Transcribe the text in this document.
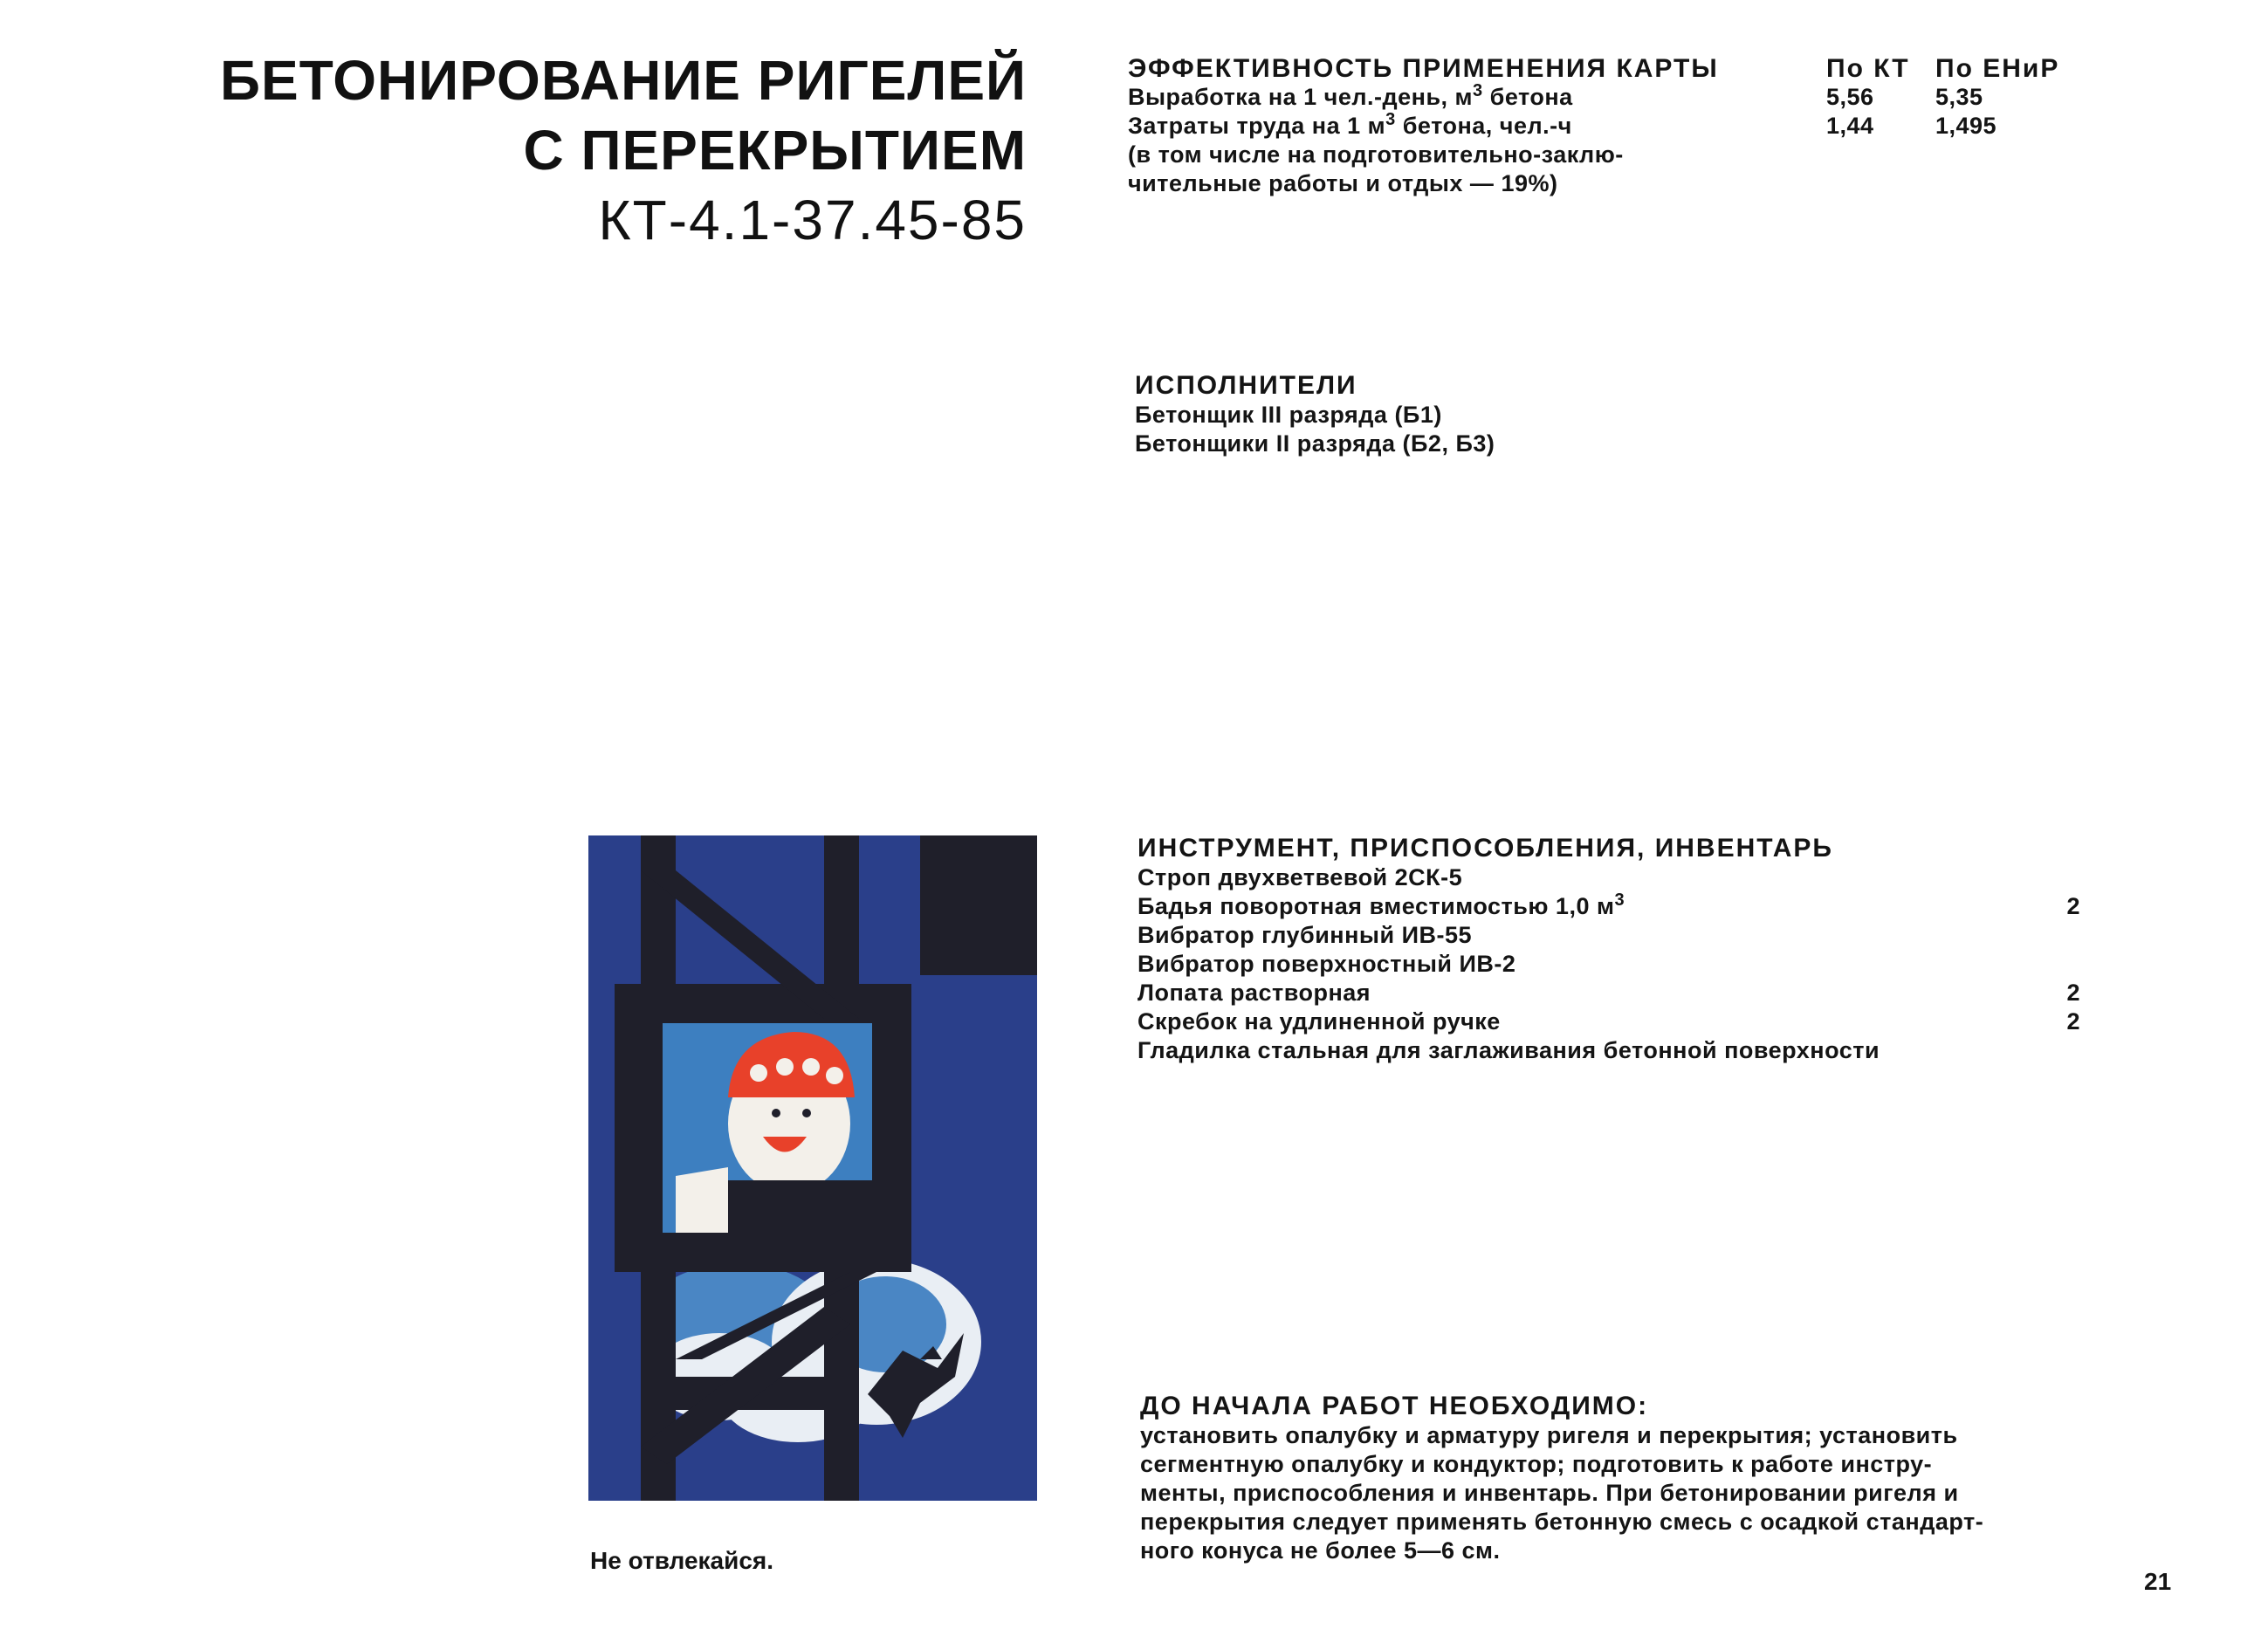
БЕТОНИРОВАНИЕ РИГЕЛЕЙ
С ПЕРЕКРЫТИЕМ
КТ-4.1-37.45-85
ЭФФЕКТИВНОСТЬ ПРИМЕНЕНИЯ КАРТЫ	По КТ По ЕНиР
Выработка на 1 чел.-день, $м^3$ бетона	5,56	5,35
Затраты труда на 1 $м^3$ бетона, чел.-ч	1,44	1,495
(в том числе на подготовительно-заклю-
чительные работы и отдых — 19%)
ИСПОЛНИТЕЛИ
Бетонщик III разряда (Б1)
Бетонщики II разряда (Б2, Б3)
Не отвлекайся.
ИНСТРУМЕНТ, ПРИСПОСОБЛЕНИЯ, ИНВЕНТАРЬ
Строп двухветвевой 2СК-5
Бадья поворотная вместимостью 1,0 $м^3$	2
Вибратор глубинный ИВ-55
Вибратор поверхностный ИВ-2
Лопата растворная	2
Скребок на удлиненной ручке	2
Гладилка стальная для заглаживания бетонной поверхности
ДО НАЧАЛА РАБОТ НЕОБХОДИМО:
установить опалубку и арматуру ригеля и перекрытия; установить
сегментную опалубку и кондуктор; подготовить к работе инстру-
менты, приспособления и инвентарь. При бетонировании ригеля и
перекрытия следует применять бетонную смесь с осадкой стандарт-
ного конуса не более 5—6 см.
21
